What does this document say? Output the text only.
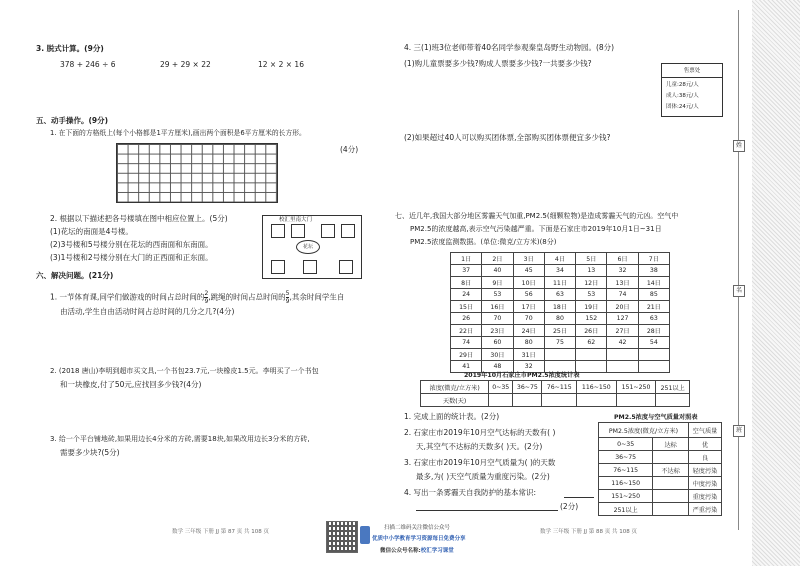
3. 脱式计算。(9分)
378 + 246 ÷ 6	29 + 29 × 22	12 × 2 × 16
五、动手操作。(9分)
1. 在下面的方格纸上(每个小格都是1平方厘米),画出两个面积是6平方厘米的长方形。
(4分)
2. 根据以下描述把各号楼填在图中相应位置上。(5分)
(1)花坛的南面是4号楼。
(2)3号楼和5号楼分别在花坛的西南面和东南面。
(3)1号楼和2号楼分别在大门的正西面和正东面。
校汇里南大门
花坛
六、解决问题。(21分)
1. 一节体育课,同学们做游戏的时间占总时间的 $\frac{2}{9}$ ,跳绳的时间占总时间的 $\frac{5}{9}$ ,其余时间学生自
由活动,学生自由活动时间占总时间的几分之几?(4分)
2. (2018 唐山)李明到超市买文具,一个书包23.7元,一块橡皮1.5元。李明买了一个书包
和一块橡皮,付了50元,应找回多少钱?(4分)
3. 给一个平台铺地砖,如果用边长4分米的方砖,需要18块,如果改用边长3分米的方砖,
需要多少块?(5分)
数学 三年级 下册 JJ 第 87 页 共 108 页
4. 三(1)班3位老师带着40名同学参观秦皇岛野生动物园。(8分)
(1)购儿童票要多少钱?购成人票要多少钱?一共要多少钱?
售票处
儿童:28元/人
成人:38元/人
团体:24元/人
(2)如果超过40人可以购买团体票,全部购买团体票便宜多少钱?
七、近几年,我国大部分地区雾霾天气加重,PM2.5(细颗粒物)是造成雾霾天气的元凶。空气中
PM2.5的浓度越高,表示空气污染越严重。下面是石家庄市2019年10月1日~31日
PM2.5浓度监测数据。(单位:微克/立方米)(8分)
1日	2日	3日	4日	5日	6日	7日
37	40	45	34	13	32	38
8日	9日	10日	11日	12日	13日	14日
24	53	56	63	53	74	85
15日	16日	17日	18日	19日	20日	21日
26	70	70	80	152	127	63
22日	23日	24日	25日	26日	27日	28日
74	60	80	75	62	42	54
29日	30日	31日				
41	48	32				
2019年10月石家庄市PM2.5浓度统计表
浓度(微克/立方米)	0~35	36~75	76~115	116~150	151~250	251以上
天数(天)						
1. 完成上面的统计表。(2分)
2. 石家庄市2019年10月空气达标的天数有( )
天,其空气不达标的天数多( )天。(2分)
3. 石家庄市2019年10月空气质量为( )的天数
最多,为( )天空气质量为重度污染。(2分)
4. 写出一条雾霾天自我防护的基本常识:
(2分)
PM2.5浓度与空气质量对照表
PM2.5浓度(微克/立方米)		空气质量
0~35	达标	优
36~75		良
76~115	不达标	轻度污染
116~150		中度污染
151~250		重度污染
251以上		严重污染
数学 三年级 下册 JJ 第 88 页 共 108 页
扫描二维码关注微信公众号
优质中小学教育学习资源每日免费分享
微信公众号名称:校汇学习课堂
姓
名
班
